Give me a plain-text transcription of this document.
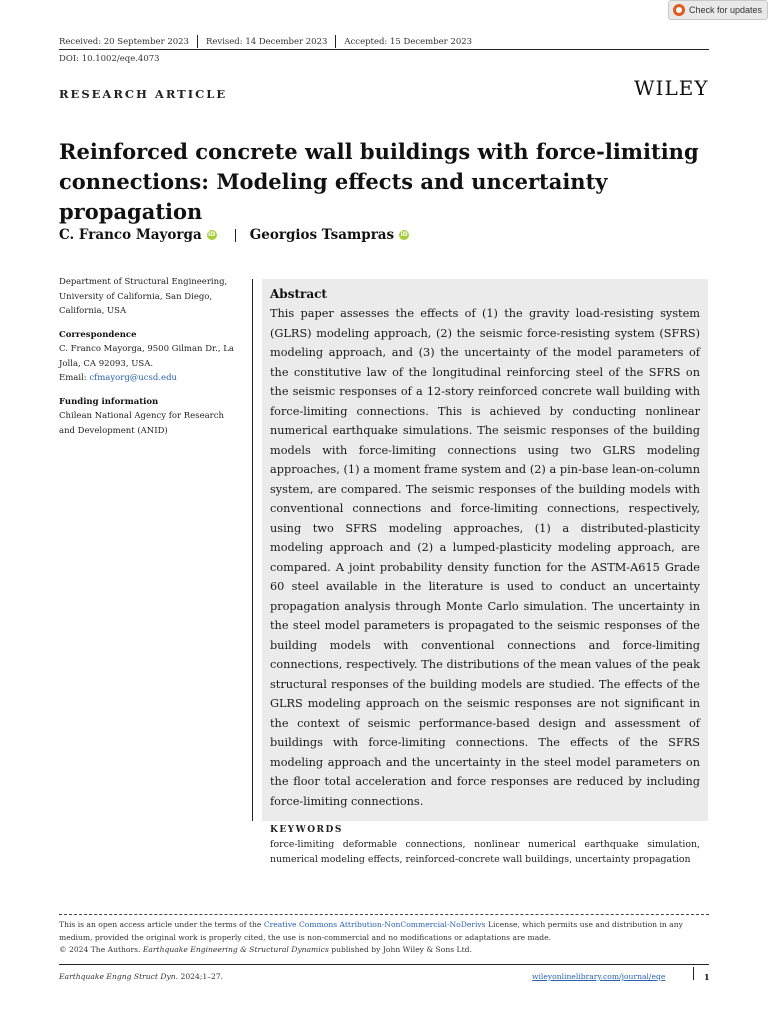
Check for updates
Received: 20 September 2023 Revised: 14 December 2023 Accepted: 15 December 2023
DOI: 10.1002/eqe.4073
RESEARCH ARTICLE	WILEY
Reinforced concrete wall buildings with force-limiting connections: Modeling effects and uncertainty propagation
C. Franco Mayorga iD	Georgios Tsampras iD

Department of Structural Engineering, University of California, San Diego, California, USA

Correspondence
C. Franco Mayorga, 9500 Gilman Dr., La Jolla, CA 92093, USA.
Email: cfmayorg@ucsd.edu

Funding information
Chilean National Agency for Research and Development (ANID)

Abstract
This paper assesses the effects of (1) the gravity load-resisting system (GLRS) modeling approach, (2) the seismic force-resisting system (SFRS) modeling approach, and (3) the uncertainty of the model parameters of the constitutive law of the longitudinal reinforcing steel of the SFRS on the seismic responses of a 12-story reinforced concrete wall building with force-limiting connections. This is achieved by conducting nonlinear numerical earthquake simulations. The seismic responses of the building models with force-limiting connections using two GLRS modeling approaches, (1) a moment frame system and (2) a pin-base lean-on-column system, are compared. The seismic responses of the building models with conventional connections and force-limiting connections, respectively, using two SFRS modeling approaches, (1) a distributed-plasticity modeling approach and (2) a lumped-plasticity modeling approach, are compared. A joint probability density function for the ASTM-A615 Grade 60 steel available in the literature is used to conduct an uncertainty propagation analysis through Monte Carlo simulation. The uncertainty in the steel model parameters is propagated to the seismic responses of the building models with conventional connections and force-limiting connections, respectively. The distributions of the mean values of the peak structural responses of the building models are studied. The effects of the GLRS modeling approach on the seismic responses are not significant in the context of seismic performance-based design and assessment of buildings with force-limiting connections. The effects of the SFRS modeling approach and the uncertainty in the steel model parameters on the floor total acceleration and force responses are reduced by including force-limiting connections.
KEYWORDS
force-limiting deformable connections, nonlinear numerical earthquake simulation, numerical modeling effects, reinforced-concrete wall buildings, uncertainty propagation
This is an open access article under the terms of the Creative Commons Attribution-NonCommercial-NoDerivs License, which permits use and distribution in any medium, provided the original work is properly cited, the use is non-commercial and no modifications or adaptations are made.
© 2024 The Authors. Earthquake Engineering & Structural Dynamics published by John Wiley & Sons Ltd.
Earthquake Engng Struct Dyn. 2024;1–27.	wileyonlinelibrary.com/journal/eqe	1
